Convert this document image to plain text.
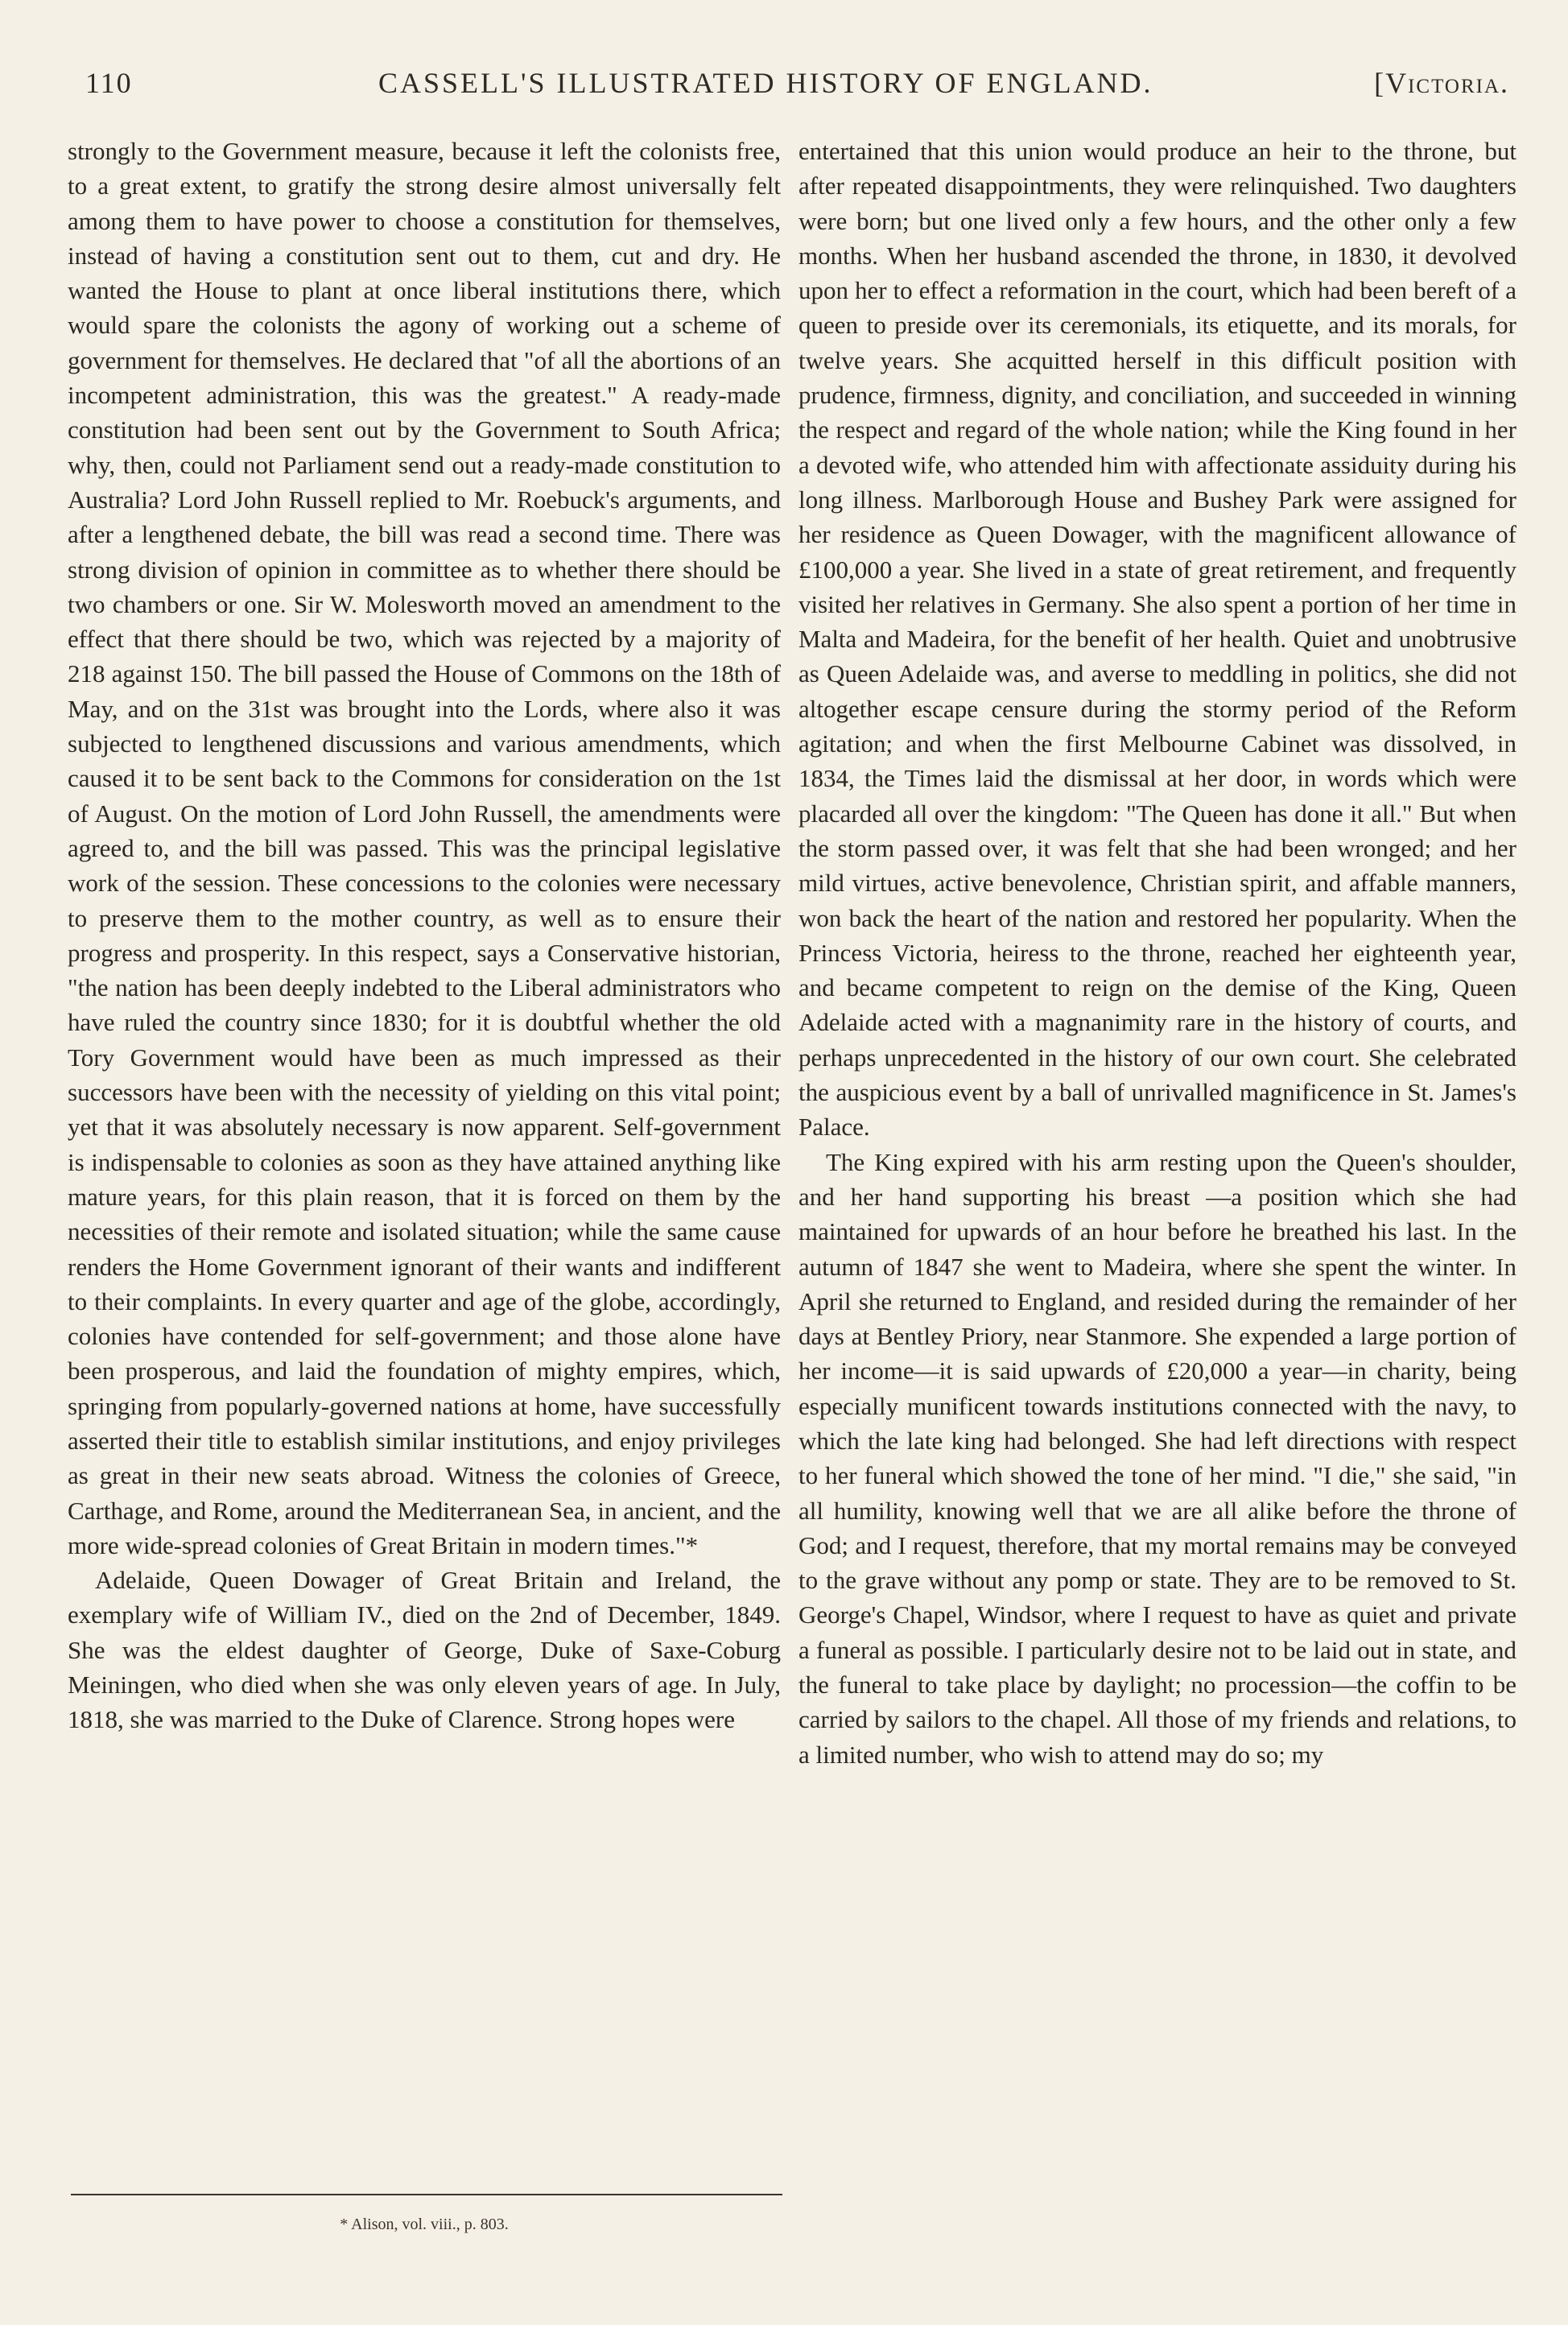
110	CASSELL'S ILLUSTRATED HISTORY OF ENGLAND.	[Victoria.

strongly to the Government measure, because it left the colonists free, to a great extent, to gratify the strong desire almost universally felt among them to have power to choose a constitution for themselves, instead of having a constitution sent out to them, cut and dry. He wanted the House to plant at once liberal institutions there, which would spare the colonists the agony of working out a scheme of government for themselves. He declared that "of all the abortions of an incompetent administration, this was the greatest." A ready-made constitution had been sent out by the Government to South Africa; why, then, could not Parliament send out a ready-made constitution to Australia? Lord John Russell replied to Mr. Roebuck's arguments, and after a lengthened debate, the bill was read a second time. There was strong division of opinion in committee as to whether there should be two chambers or one. Sir W. Molesworth moved an amendment to the effect that there should be two, which was rejected by a majority of 218 against 150. The bill passed the House of Commons on the 18th of May, and on the 31st was brought into the Lords, where also it was subjected to lengthened discussions and various amendments, which caused it to be sent back to the Commons for consideration on the 1st of August. On the motion of Lord John Russell, the amendments were agreed to, and the bill was passed. This was the principal legislative work of the session. These concessions to the colonies were necessary to preserve them to the mother country, as well as to ensure their progress and prosperity. In this respect, says a Conservative historian, "the nation has been deeply indebted to the Liberal administrators who have ruled the country since 1830; for it is doubtful whether the old Tory Government would have been as much impressed as their successors have been with the necessity of yielding on this vital point; yet that it was absolutely necessary is now apparent. Self-government is indispensable to colonies as soon as they have attained anything like mature years, for this plain reason, that it is forced on them by the necessities of their remote and isolated situation; while the same cause renders the Home Government ignorant of their wants and indifferent to their complaints. In every quarter and age of the globe, accordingly, colonies have contended for self-government; and those alone have been prosperous, and laid the foundation of mighty empires, which, springing from popularly-governed nations at home, have successfully asserted their title to establish similar institutions, and enjoy privileges as great in their new seats abroad. Witness the colonies of Greece, Carthage, and Rome, around the Mediterranean Sea, in ancient, and the more wide-spread colonies of Great Britain in modern times."*

Adelaide, Queen Dowager of Great Britain and Ireland, the exemplary wife of William IV., died on the 2nd of December, 1849. She was the eldest daughter of George, Duke of Saxe-Coburg Meiningen, who died when she was only eleven years of age. In July, 1818, she was married to the Duke of Clarence. Strong hopes were

entertained that this union would produce an heir to the throne, but after repeated disappointments, they were relinquished. Two daughters were born; but one lived only a few hours, and the other only a few months. When her husband ascended the throne, in 1830, it devolved upon her to effect a reformation in the court, which had been bereft of a queen to preside over its ceremonials, its etiquette, and its morals, for twelve years. She acquitted herself in this difficult position with prudence, firmness, dignity, and conciliation, and succeeded in winning the respect and regard of the whole nation; while the King found in her a devoted wife, who attended him with affectionate assiduity during his long illness. Marlborough House and Bushey Park were assigned for her residence as Queen Dowager, with the magnificent allowance of £100,000 a year. She lived in a state of great retirement, and frequently visited her relatives in Germany. She also spent a portion of her time in Malta and Madeira, for the benefit of her health. Quiet and unobtrusive as Queen Adelaide was, and averse to meddling in politics, she did not altogether escape censure during the stormy period of the Reform agitation; and when the first Melbourne Cabinet was dissolved, in 1834, the Times laid the dismissal at her door, in words which were placarded all over the kingdom: "The Queen has done it all." But when the storm passed over, it was felt that she had been wronged; and her mild virtues, active benevolence, Christian spirit, and affable manners, won back the heart of the nation and restored her popularity. When the Princess Victoria, heiress to the throne, reached her eighteenth year, and became competent to reign on the demise of the King, Queen Adelaide acted with a magnanimity rare in the history of courts, and perhaps unprecedented in the history of our own court. She celebrated the auspicious event by a ball of unrivalled magnificence in St. James's Palace.

The King expired with his arm resting upon the Queen's shoulder, and her hand supporting his breast —a position which she had maintained for upwards of an hour before he breathed his last. In the autumn of 1847 she went to Madeira, where she spent the winter. In April she returned to England, and resided during the remainder of her days at Bentley Priory, near Stanmore. She expended a large portion of her income—it is said upwards of £20,000 a year—in charity, being especially munificent towards institutions connected with the navy, to which the late king had belonged. She had left directions with respect to her funeral which showed the tone of her mind. "I die," she said, "in all humility, knowing well that we are all alike before the throne of God; and I request, therefore, that my mortal remains may be conveyed to the grave without any pomp or state. They are to be removed to St. George's Chapel, Windsor, where I request to have as quiet and private a funeral as possible. I particularly desire not to be laid out in state, and the funeral to take place by daylight; no procession—the coffin to be carried by sailors to the chapel. All those of my friends and relations, to a limited number, who wish to attend may do so; my

* Alison, vol. viii., p. 803.
